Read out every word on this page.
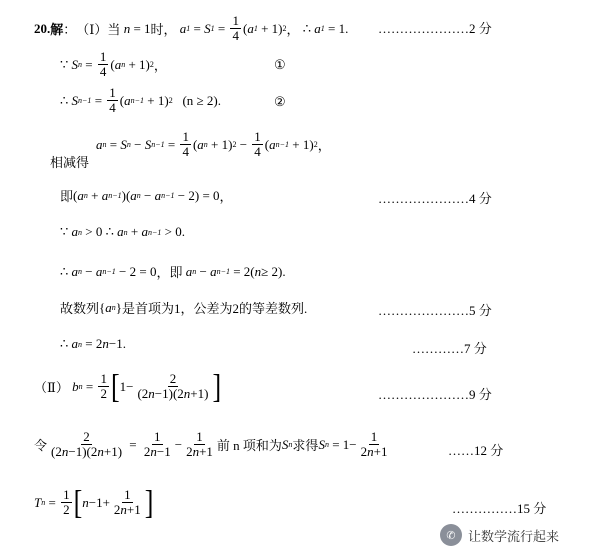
20. 解 ： （Ⅰ） 当 n = 1 时， a 1 = S $1 = \frac{1}{4}$ ( a 1 + 1) 2 ，
∴ a 1 = 1 . …………………2 分
∵ S $n = \frac{1}{4}$ ( a n + 1) 2 ，	①
∴ S $n-1 = \frac{1}{4}$ ( a n−1 + 1) 2
(n ≥ 2).	②
a n = S n − S $n-1 = \frac{1}{4}$ ( a n + 1) $2 - \frac{1}{4}$ ( a n−1 + 1) 2 ，
相减得
即 ( a n + a n−1 )( a n − a n−1 − 2) = 0 ，	…………………4 分
∵ a n > 0 ∴ a n + a n−1 > 0 .
∴ a n − a n−1 − 2 = 0 ，即 a n − a n−1 = 2( n ≥ 2) .
故数列 { a n } 是首项为1，公差为2的等差数列.	…………………5 分
∴ a n = 2 n −1 .	…………7 分
（Ⅱ） b $n = \frac{1}{2}$ [ $1- \frac{2}{(2n-1)(2n+1)}$ ]	…………………9 分
令 $\frac{2}{(2n-1)(2n+1)} = \frac{1}{2n-1} - \frac{1}{2n+1}$ 前 n 项和为 S n 求得 S $n = 1- \frac{1}{2n+1}$	……12 分
T $n = \frac{1}{2}$ [ $n -1+ \frac{1}{2n+1}$ ]	……………15 分
✆ 让数学流行起来
